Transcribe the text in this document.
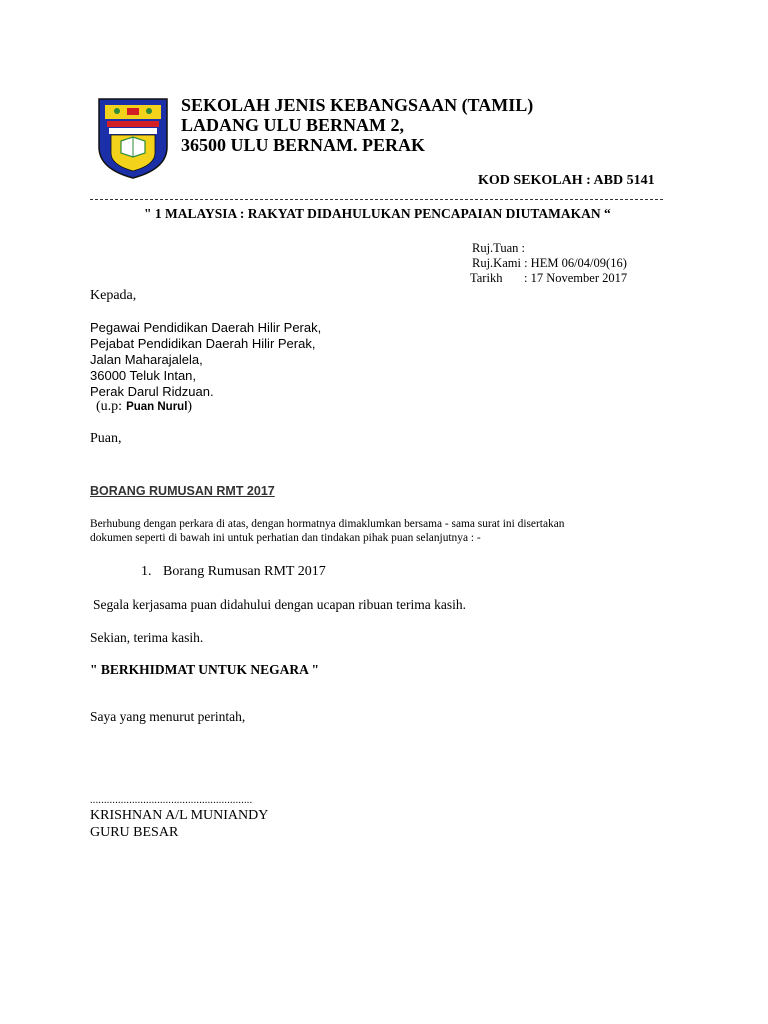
SEKOLAH JENIS KEBANGSAAN (TAMIL)
LADANG ULU BERNAM 2,
36500 ULU BERNAM. PERAK
KOD SEKOLAH : ABD 5141
" 1 MALAYSIA : RAKYAT DIDAHULUKAN PENCAPAIAN DIUTAMAKAN “
Ruj.Tuan :
Ruj.Kami : HEM 06/04/09(16)
Tarikh : 17 November 2017
Kepada,
Pegawai Pendidikan Daerah Hilir Perak,
Pejabat Pendidikan Daerah Hilir Perak,
Jalan Maharajalela,
36000 Teluk Intan,
Perak Darul Ridzuan.
(u.p: Puan Nurul)
Puan,
BORANG RUMUSAN RMT 2017
Berhubung dengan perkara di atas, dengan hormatnya dimaklumkan bersama - sama surat ini disertakan
dokumen seperti di bawah ini untuk perhatian dan tindakan pihak puan selanjutnya : -
1. Borang Rumusan RMT 2017
Segala kerjasama puan didahului dengan ucapan ribuan terima kasih.
Sekian, terima kasih.
" BERKHIDMAT UNTUK NEGARA "
Saya yang menurut perintah,
..........................................................
KRISHNAN A/L MUNIANDY
GURU BESAR
